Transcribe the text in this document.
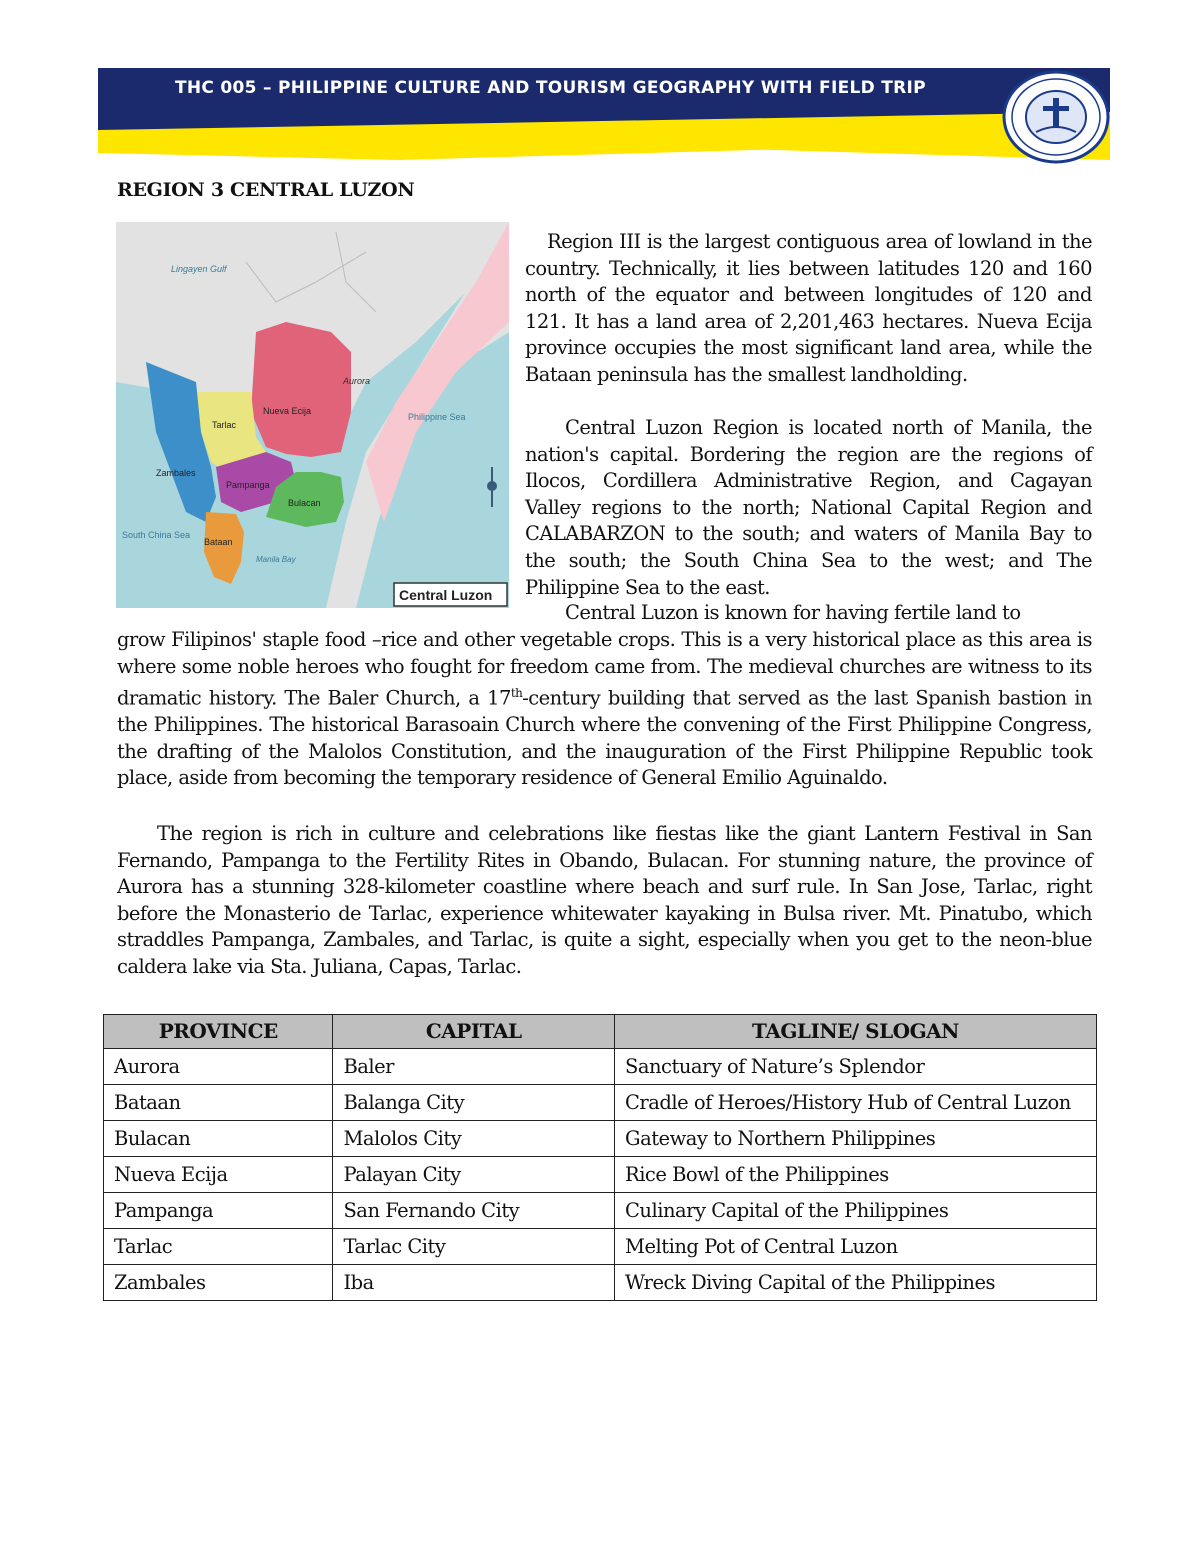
THC 005 – PHILIPPINE CULTURE AND TOURISM GEOGRAPHY WITH FIELD TRIP
REGION 3 CENTRAL LUZON
Lingayen Gulf
Aurora
Philippine Sea
Nueva Ecija
Tarlac
Zambales
Pampanga
Bulacan
Bataan
South China Sea
Manila Bay
Central Luzon
Region III is the largest contiguous area of lowland in the country. Technically, it lies between latitudes 120 and 160 north of the equator and between longitudes of 120 and 121. It has a land area of 2,201,463 hectares. Nueva Ecija province occupies the most significant land area, while the Bataan peninsula has the smallest landholding.
Central Luzon Region is located north of Manila, the nation's capital. Bordering the region are the regions of Ilocos, Cordillera Administrative Region, and Cagayan Valley regions to the north; National Capital Region and CALABARZON to the south; and waters of Manila Bay to the south; the South China Sea to the west; and The Philippine Sea to the east.
Central Luzon is known for having fertile land to
grow Filipinos' staple food –rice and other vegetable crops. This is a very historical place as this area is where some noble heroes who fought for freedom came from. The medieval churches are witness to its dramatic history. The Baler Church, a 17th-century building that served as the last Spanish bastion in the Philippines. The historical Barasoain Church where the convening of the First Philippine Congress, the drafting of the Malolos Constitution, and the inauguration of the First Philippine Republic took place, aside from becoming the temporary residence of General Emilio Aguinaldo.
The region is rich in culture and celebrations like fiestas like the giant Lantern Festival in San Fernando, Pampanga to the Fertility Rites in Obando, Bulacan. For stunning nature, the province of Aurora has a stunning 328-kilometer coastline where beach and surf rule. In San Jose, Tarlac, right before the Monasterio de Tarlac, experience whitewater kayaking in Bulsa river. Mt. Pinatubo, which straddles Pampanga, Zambales, and Tarlac, is quite a sight, especially when you get to the neon-blue caldera lake via Sta. Juliana, Capas, Tarlac.
PROVINCE	CAPITAL	TAGLINE/ SLOGAN
Aurora	Baler	Sanctuary of Nature’s Splendor
Bataan	Balanga City	Cradle of Heroes/History Hub of Central Luzon
Bulacan	Malolos City	Gateway to Northern Philippines
Nueva Ecija	Palayan City	Rice Bowl of the Philippines
Pampanga	San Fernando City	Culinary Capital of the Philippines
Tarlac	Tarlac City	Melting Pot of Central Luzon
Zambales	Iba	Wreck Diving Capital of the Philippines
